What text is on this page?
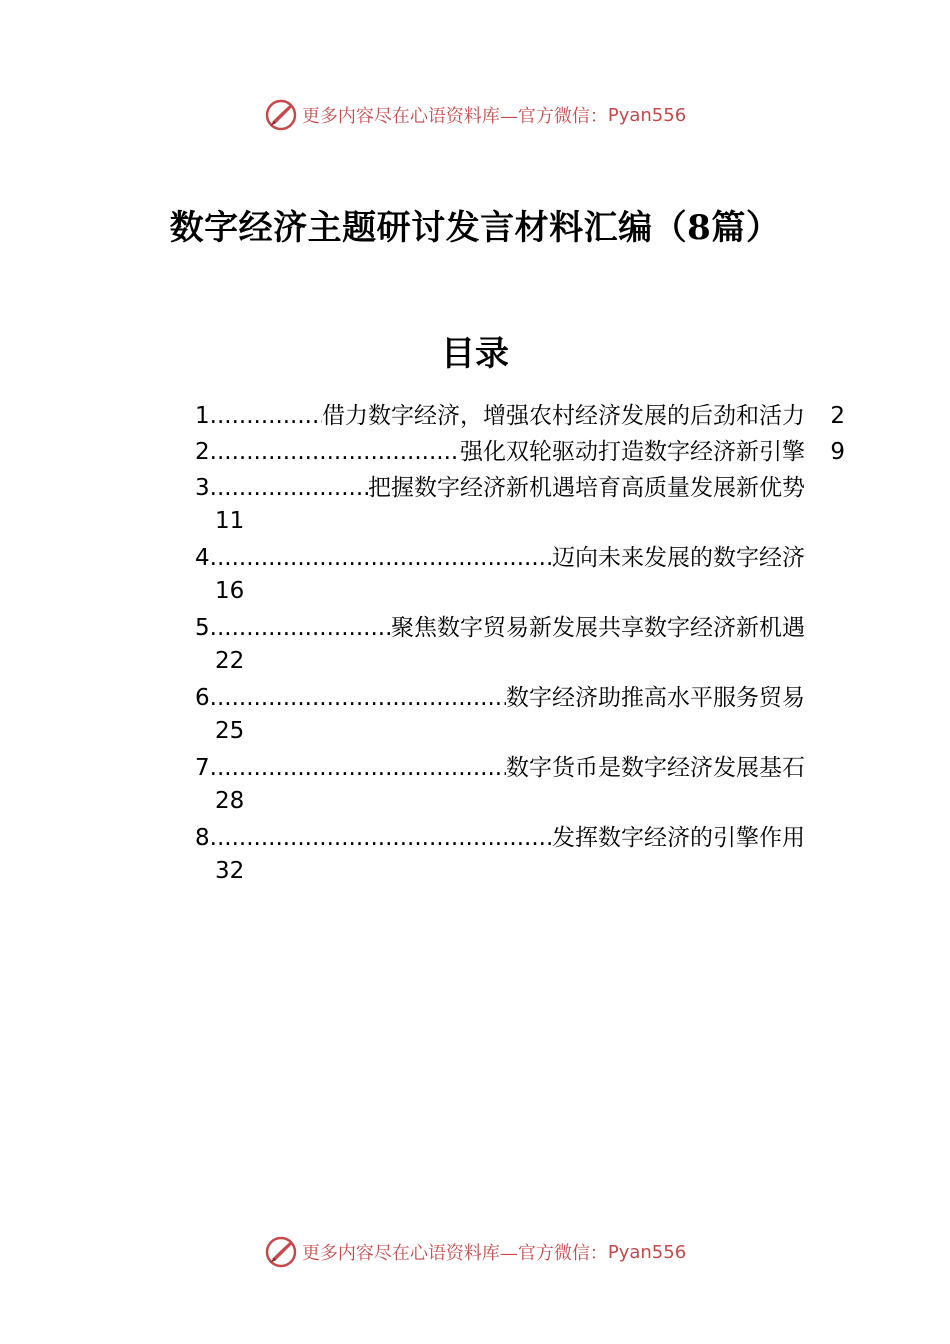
更多内容尽在心语资料库—官方微信： Pyan556
数字经济主题研讨发言材料汇编（8篇）
目录
1 .....	借力数字经济，增强农村经济发展的后劲和活力	2
2 .....	强化双轮驱动打造数字经济新引擎	9
3 .....	把握数字经济新机遇培育高质量发展新优势
11
4 .....	迈向未来发展的数字经济
16
5 .....	聚焦数字贸易新发展共享数字经济新机遇
22
6 .....	数字经济助推高水平服务贸易
25
7 .....	数字货币是数字经济发展基石
28
8 .....	发挥数字经济的引擎作用
32
更多内容尽在心语资料库—官方微信： Pyan556
